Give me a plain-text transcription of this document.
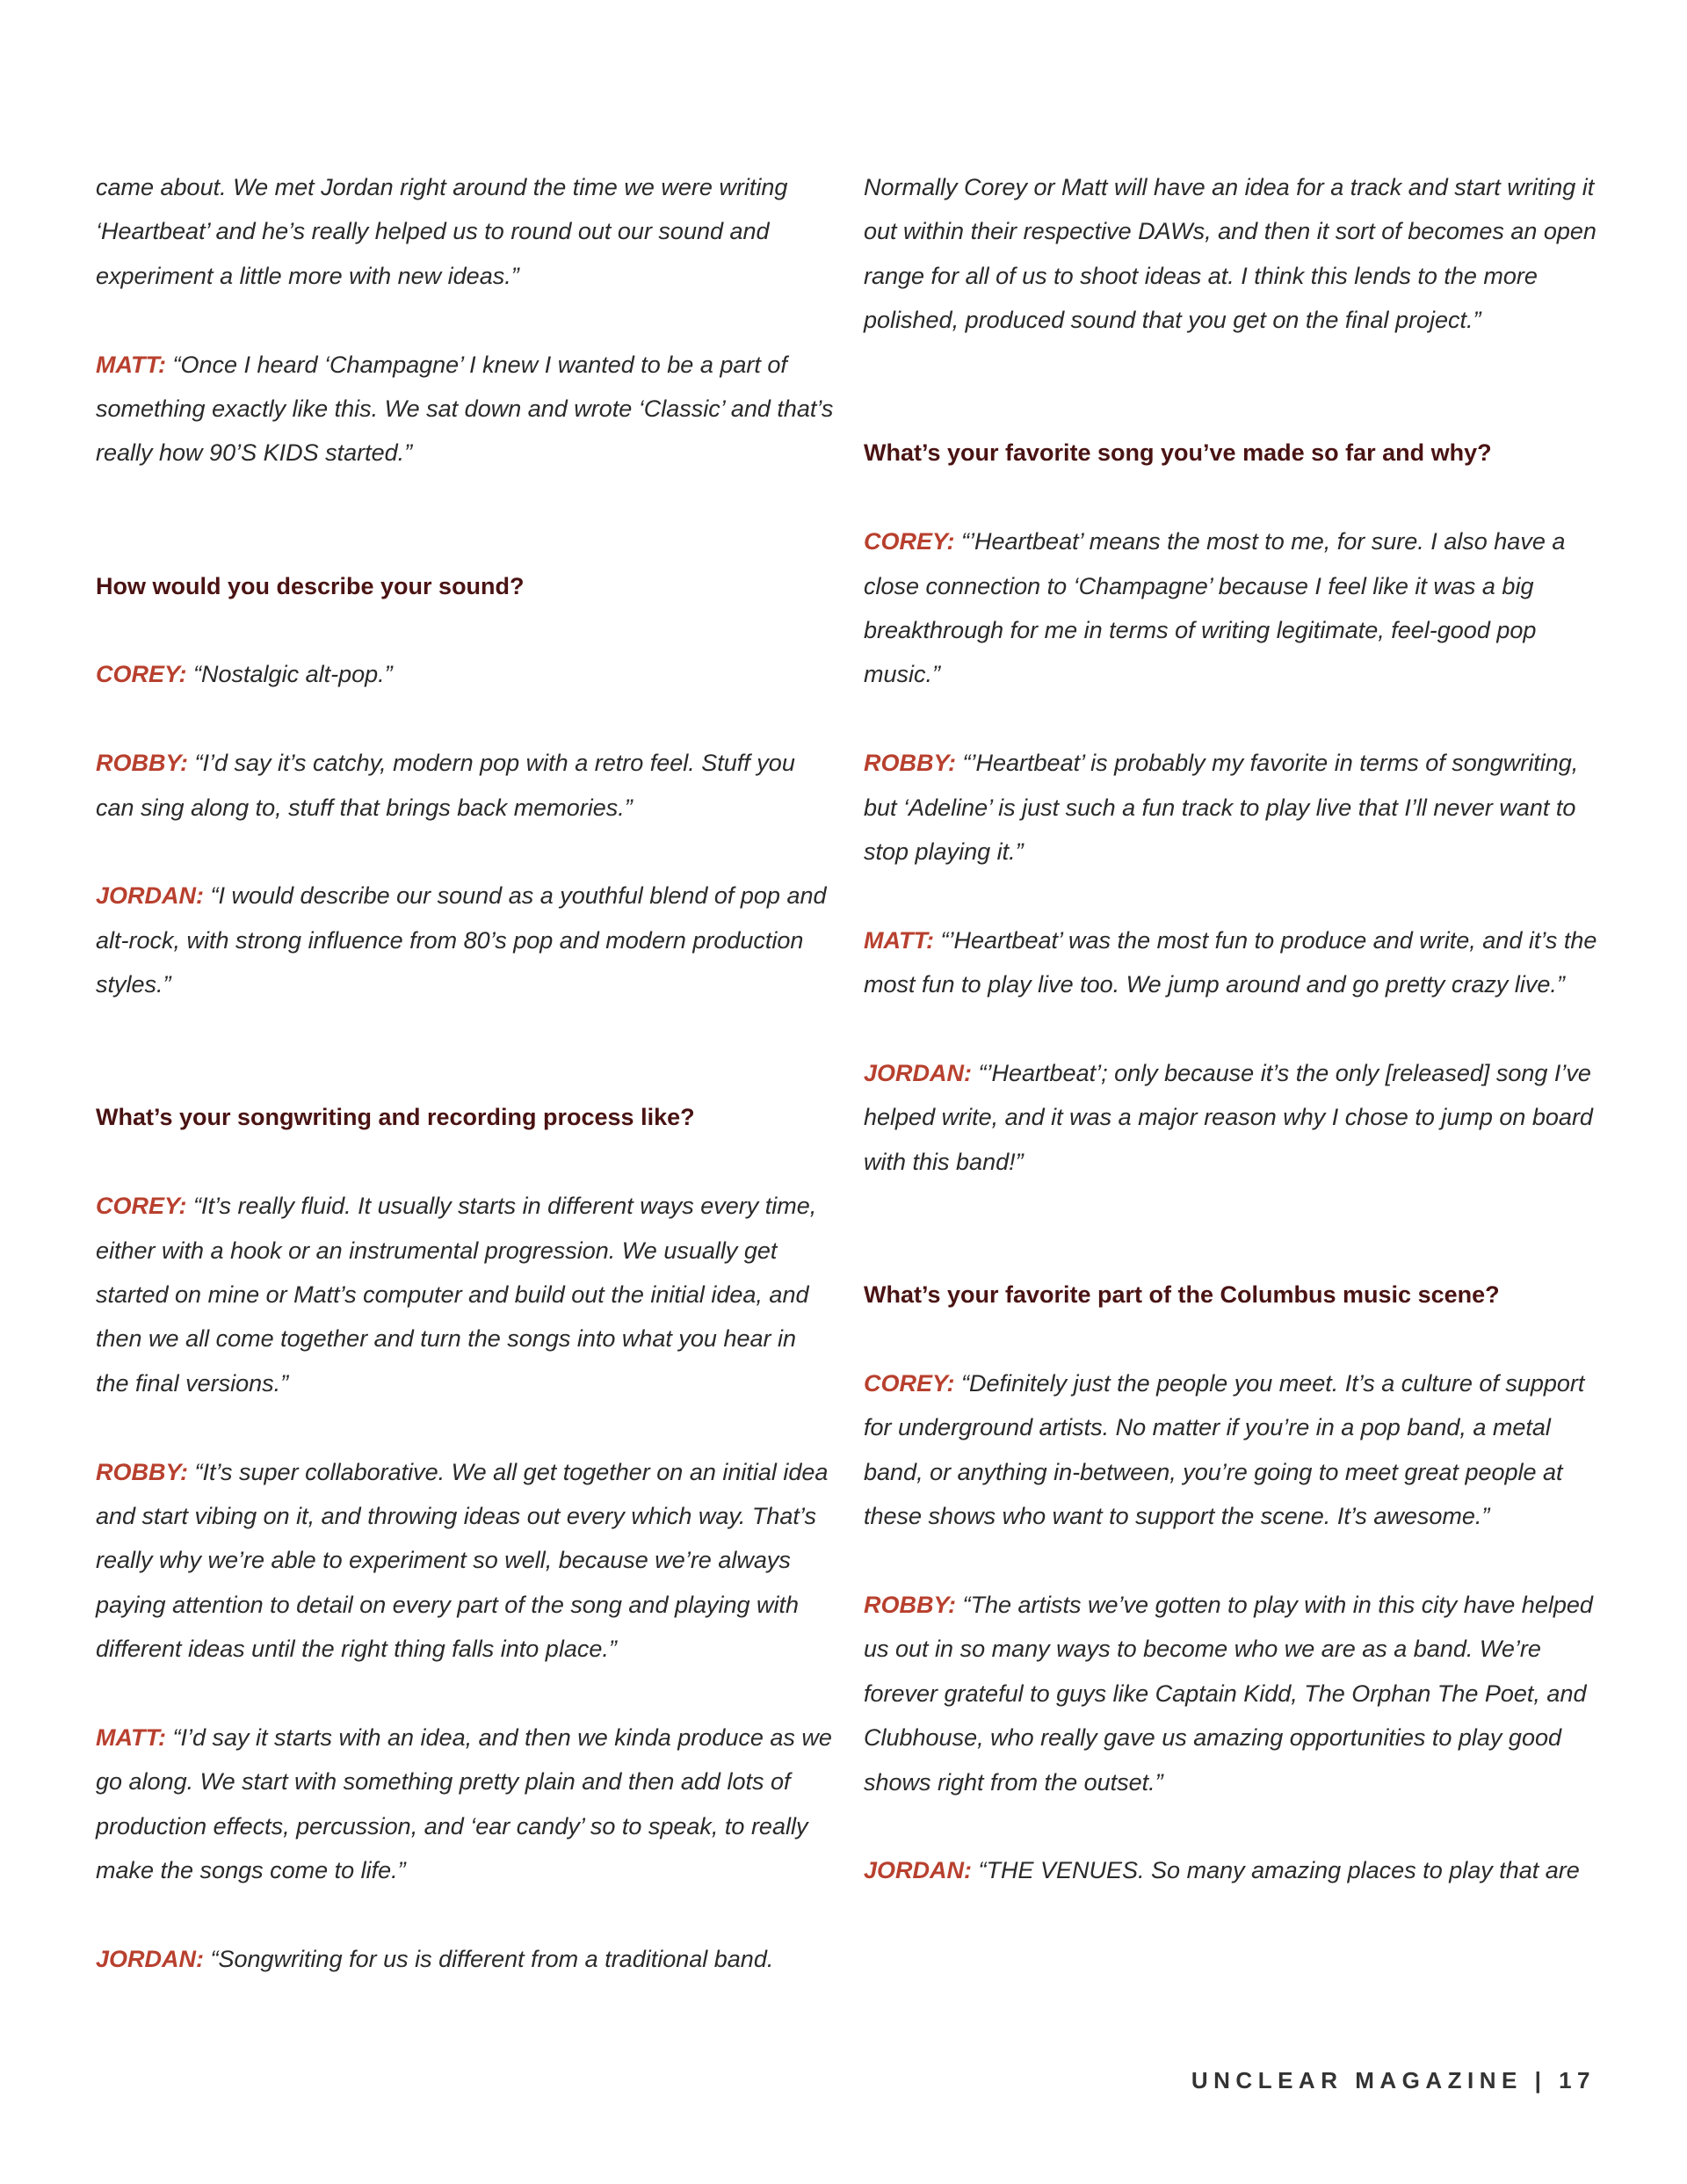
came about. We met Jordan right around the time we were writing ‘Heartbeat’ and he’s really helped us to round out our sound and experiment a little more with new ideas.”

MATT: “Once I heard ‘Champagne’ I knew I wanted to be a part of something exactly like this. We sat down and wrote ‘Classic’ and that’s really how 90’S KIDS started.”

How would you describe your sound?

COREY: “Nostalgic alt-pop.”

ROBBY: “I’d say it’s catchy, modern pop with a retro feel. Stuff you can sing along to, stuff that brings back memories.”

JORDAN: “I would describe our sound as a youthful blend of pop and alt-rock, with strong influence from 80’s pop and modern production styles.”

What’s your songwriting and recording process like?

COREY: “It’s really fluid. It usually starts in different ways every time, either with a hook or an instrumental progression. We usually get started on mine or Matt’s computer and build out the initial idea, and then we all come together and turn the songs into what you hear in the final versions.”

ROBBY: “It’s super collaborative. We all get together on an initial idea and start vibing on it, and throwing ideas out every which way. That’s really why we’re able to experiment so well, because we’re always paying attention to detail on every part of the song and playing with different ideas until the right thing falls into place.”

MATT: “I’d say it starts with an idea, and then we kinda produce as we go along. We start with something pretty plain and then add lots of production effects, percussion, and ‘ear candy’ so to speak, to really make the songs come to life.”

JORDAN: “Songwriting for us is different from a traditional band.

Normally Corey or Matt will have an idea for a track and start writing it out within their respective DAWs, and then it sort of becomes an open range for all of us to shoot ideas at. I think this lends to the more polished, produced sound that you get on the final project.”

What’s your favorite song you’ve made so far and why?

COREY: “’Heartbeat’ means the most to me, for sure. I also have a close connection to ‘Champagne’ because I feel like it was a big breakthrough for me in terms of writing legitimate, feel-good pop music.”

ROBBY: “’Heartbeat’ is probably my favorite in terms of songwriting, but ‘Adeline’ is just such a fun track to play live that I’ll never want to stop playing it.”

MATT: “’Heartbeat’ was the most fun to produce and write, and it’s the most fun to play live too. We jump around and go pretty crazy live.”

JORDAN: “’Heartbeat’; only because it’s the only [released] song I’ve helped write, and it was a major reason why I chose to jump on board with this band!”

What’s your favorite part of the Columbus music scene?

COREY: “Definitely just the people you meet. It’s a culture of support for underground artists. No matter if you’re in a pop band, a metal band, or anything in-between, you’re going to meet great people at these shows who want to support the scene. It’s awesome.”

ROBBY: “The artists we’ve gotten to play with in this city have helped us out in so many ways to become who we are as a band. We’re forever grateful to guys like Captain Kidd, The Orphan The Poet, and Clubhouse, who really gave us amazing opportunities to play good shows right from the outset.”

JORDAN: “THE VENUES. So many amazing places to play that are

UNCLEAR MAGAZINE | 17
